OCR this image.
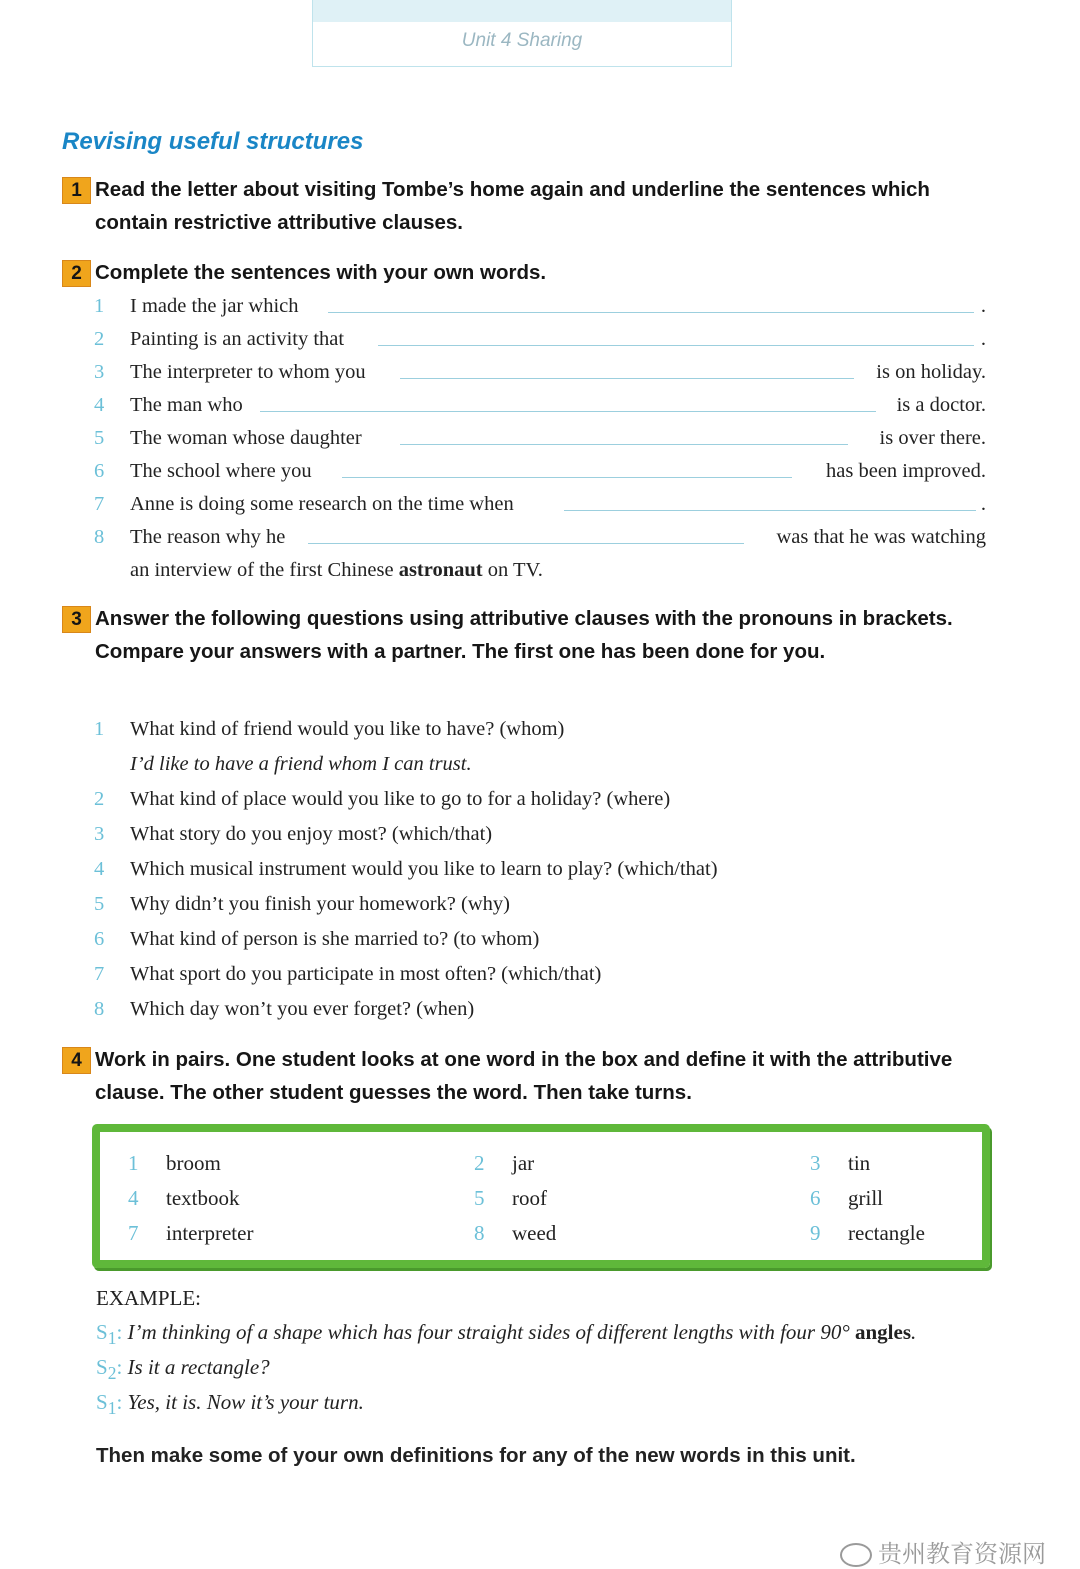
Unit 4 Sharing
Revising useful structures
1 Read the letter about visiting Tombe’s home again and underline the sentences which contain restrictive attributive clauses.
2 Complete the sentences with your own words.
1 I made the jar which	.
2 Painting is an activity that	.
3 The interpreter to whom you	is on holiday.
4 The man who	is a doctor.
5 The woman whose daughter	is over there.
6 The school where you	has been improved.
7 Anne is doing some research on the time when	.
8 The reason why he	was that he was watching
an interview of the first Chinese astronaut on TV.
3 Answer the following questions using attributive clauses with the pronouns in brackets. Compare your answers with a partner. The first one has been done for you.
1 What kind of friend would you like to have? (whom)
I’d like to have a friend whom I can trust.
2 What kind of place would you like to go to for a holiday? (where)
3 What story do you enjoy most? (which/that)
4 Which musical instrument would you like to learn to play? (which/that)
5 Why didn’t you finish your homework? (why)
6 What kind of person is she married to? (to whom)
7 What sport do you participate in most often? (which/that)
8 Which day won’t you ever forget? (when)
4 Work in pairs. One student looks at one word in the box and define it with the attributive clause. The other student guesses the word. Then take turns.
1 broom	2 jar	3 tin
4 textbook	5 roof	6 grill
7 interpreter	8 weed	9 rectangle
EXAMPLE:
$S_1$: I’m thinking of a shape which has four straight sides of different lengths with four 90° angles.
$S_2$: Is it a rectangle?
$S_1$: Yes, it is. Now it’s your turn.
Then make some of your own definitions for any of the new words in this unit.
贵州教育资源网
